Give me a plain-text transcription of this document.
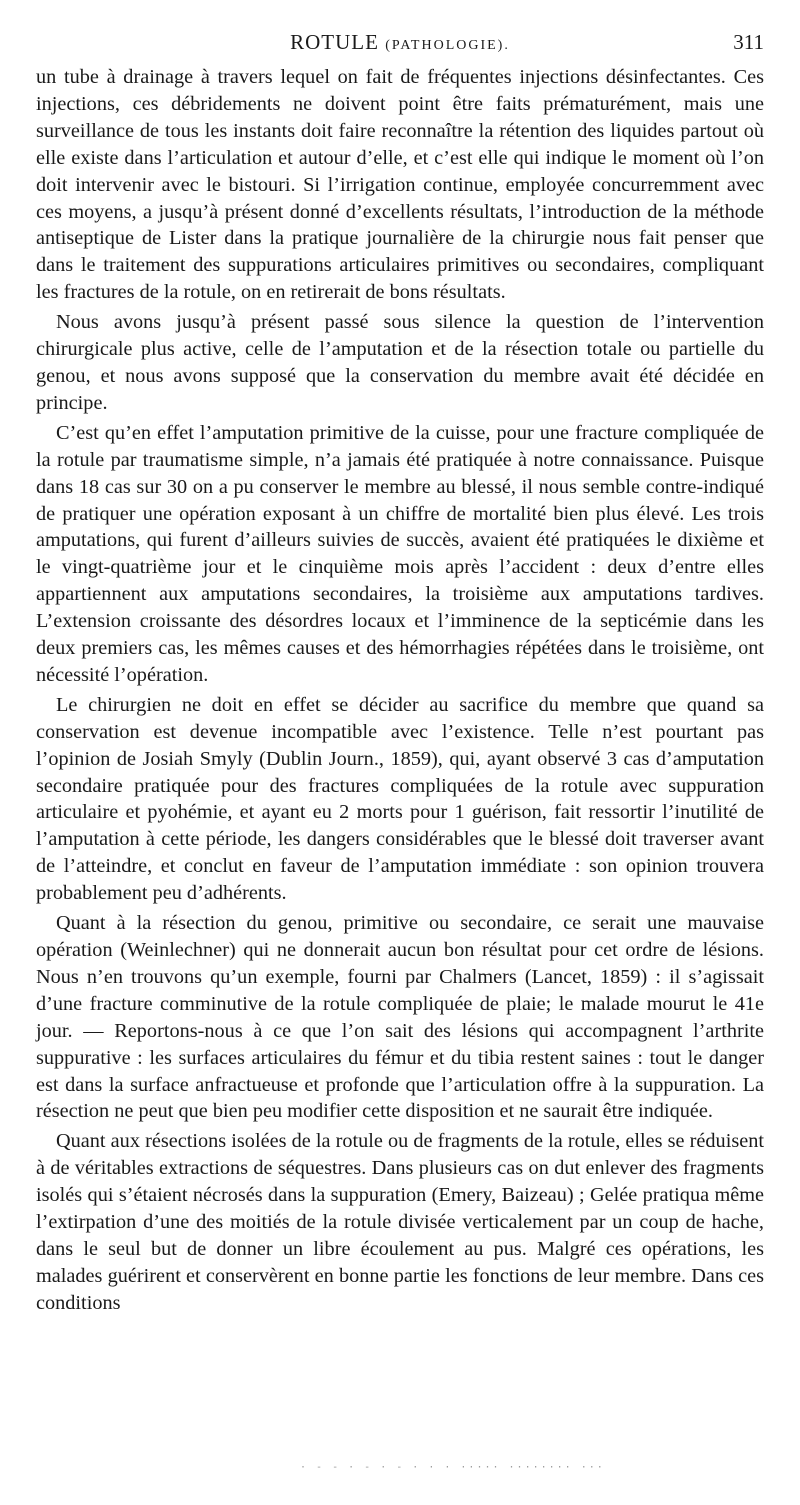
ROTULE (PATHOLOGIE).	311

un tube à drainage à travers lequel on fait de fréquentes injections désinfectantes. Ces injections, ces débridements ne doivent point être faits prématurément, mais une surveillance de tous les instants doit faire reconnaître la rétention des liquides partout où elle existe dans l’articulation et autour d’elle, et c’est elle qui indique le moment où l’on doit intervenir avec le bistouri. Si l’irrigation continue, employée concurremment avec ces moyens, a jusqu’à présent donné d’excellents résultats, l’introduction de la méthode antiseptique de Lister dans la pratique journalière de la chirurgie nous fait penser que dans le traitement des suppurations articulaires primitives ou secondaires, compliquant les fractures de la rotule, on en retirerait de bons résultats.

Nous avons jusqu’à présent passé sous silence la question de l’intervention chirurgicale plus active, celle de l’amputation et de la résection totale ou partielle du genou, et nous avons supposé que la conservation du membre avait été décidée en principe.

C’est qu’en effet l’amputation primitive de la cuisse, pour une fracture compliquée de la rotule par traumatisme simple, n’a jamais été pratiquée à notre connaissance. Puisque dans 18 cas sur 30 on a pu conserver le membre au blessé, il nous semble contre-indiqué de pratiquer une opération exposant à un chiffre de mortalité bien plus élevé. Les trois amputations, qui furent d’ailleurs suivies de succès, avaient été pratiquées le dixième et le vingt-quatrième jour et le cinquième mois après l’accident : deux d’entre elles appartiennent aux amputations secondaires, la troisième aux amputations tardives. L’extension croissante des désordres locaux et l’imminence de la septicémie dans les deux premiers cas, les mêmes causes et des hémorrhagies répétées dans le troisième, ont nécessité l’opération.

Le chirurgien ne doit en effet se décider au sacrifice du membre que quand sa conservation est devenue incompatible avec l’existence. Telle n’est pourtant pas l’opinion de Josiah Smyly (Dublin Journ., 1859), qui, ayant observé 3 cas d’amputation secondaire pratiquée pour des fractures compliquées de la rotule avec suppuration articulaire et pyohémie, et ayant eu 2 morts pour 1 guérison, fait ressortir l’inutilité de l’amputation à cette période, les dangers considérables que le blessé doit traverser avant de l’atteindre, et conclut en faveur de l’amputation immédiate : son opinion trouvera probablement peu d’adhérents.

Quant à la résection du genou, primitive ou secondaire, ce serait une mauvaise opération (Weinlechner) qui ne donnerait aucun bon résultat pour cet ordre de lésions. Nous n’en trouvons qu’un exemple, fourni par Chalmers (Lancet, 1859) : il s’agissait d’une fracture comminutive de la rotule compliquée de plaie; le malade mourut le 41e jour. — Reportons-nous à ce que l’on sait des lésions qui accompagnent l’arthrite suppurative : les surfaces articulaires du fémur et du tibia restent saines : tout le danger est dans la surface anfractueuse et profonde que l’articulation offre à la suppuration. La résection ne peut que bien peu modifier cette disposition et ne saurait être indiquée.

Quant aux résections isolées de la rotule ou de fragments de la rotule, elles se réduisent à de véritables extractions de séquestres. Dans plusieurs cas on dut enlever des fragments isolés qui s’étaient nécrosés dans la suppuration (Emery, Baizeau) ; Gelée pratiqua même l’extirpation d’une des moitiés de la rotule divisée verticalement par un coup de hache, dans le seul but de donner un libre écoulement au pus. Malgré ces opérations, les malades guérirent et conservèrent en bonne partie les fonctions de leur membre. Dans ces conditions

· - - · - · - · · · ····· ········ ···
